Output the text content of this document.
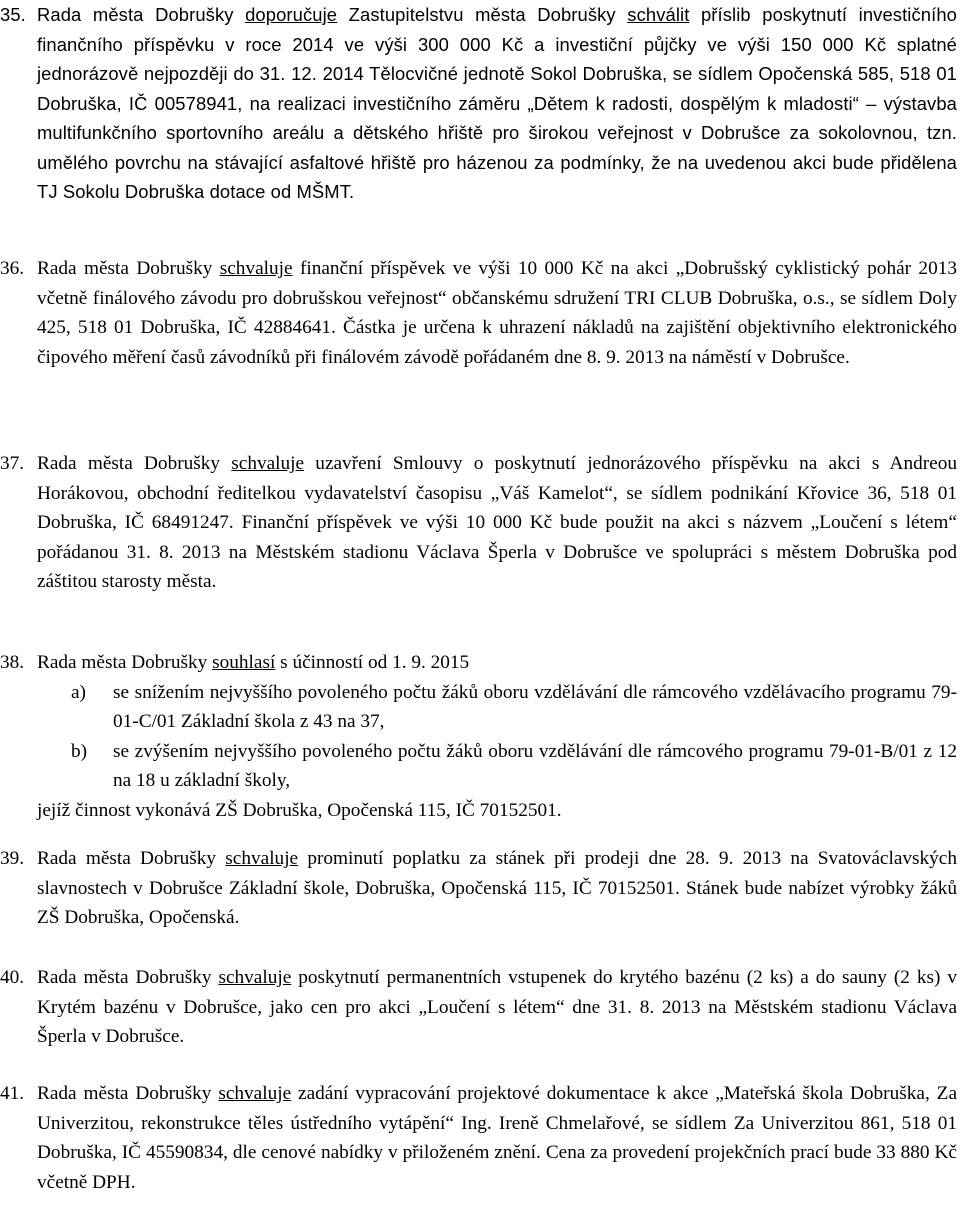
35. Rada města Dobrušky doporučuje Zastupitelstvu města Dobrušky schválit příslib poskytnutí investičního finančního příspěvku v roce 2014 ve výši 300 000 Kč a investiční půjčky ve výši 150 000 Kč splatné jednorázově nejpozději do 31. 12. 2014 Tělocvičné jednotě Sokol Dobruška, se sídlem Opočenská 585, 518 01 Dobruška, IČ 00578941, na realizaci investičního záměru „Dětem k radosti, dospělým k mladosti“ – výstavba multifunkčního sportovního areálu a dětského hřiště pro širokou veřejnost v Dobrušce za sokolovnou, tzn. umělého povrchu na stávající asfaltové hřiště pro házenou za podmínky, že na uvedenou akci bude přidělena TJ Sokolu Dobruška dotace od MŠMT.
36. Rada města Dobrušky schvaluje finanční příspěvek ve výši 10 000 Kč na akci „Dobrušský cyklistický pohár 2013 včetně finálového závodu pro dobrušskou veřejnost“ občanskému sdružení TRI CLUB Dobruška, o.s., se sídlem Doly 425, 518 01 Dobruška, IČ 42884641. Částka je určena k uhrazení nákladů na zajištění objektivního elektronického čipového měření časů závodníků při finálovém závodě pořádaném dne 8. 9. 2013 na náměstí v Dobrušce.
37. Rada města Dobrušky schvaluje uzavření Smlouvy o poskytnutí jednorázového příspěvku na akci s Andreou Horákovou, obchodní ředitelkou vydavatelství časopisu „Váš Kamelot“, se sídlem podnikání Křovice 36, 518 01 Dobruška, IČ 68491247. Finanční příspěvek ve výši 10 000 Kč bude použit na akci s názvem „Loučení s létem“ pořádanou 31. 8. 2013 na Městském stadionu Václava Šperla v Dobrušce ve spolupráci s městem Dobruška pod záštitou starosty města.
38. Rada města Dobrušky souhlasí s účinností od 1. 9. 2015
a) se snížením nejvyššího povoleného počtu žáků oboru vzdělávání dle rámcového vzdělávacího programu 79-01-C/01 Základní škola z 43 na 37,
b) se zvýšením nejvyššího povoleného počtu žáků oboru vzdělávání dle rámcového programu 79-01-B/01 z 12 na 18 u základní školy,
jejíž činnost vykonává ZŠ Dobruška, Opočenská 115, IČ 70152501.
39. Rada města Dobrušky schvaluje prominutí poplatku za stánek při prodeji dne 28. 9. 2013 na Svatováclavských slavnostech v Dobrušce Základní škole, Dobruška, Opočenská 115, IČ 70152501. Stánek bude nabízet výrobky žáků ZŠ Dobruška, Opočenská.
40. Rada města Dobrušky schvaluje poskytnutí permanentních vstupenek do krytého bazénu (2 ks) a do sauny (2 ks) v Krytém bazénu v Dobrušce, jako cen pro akci „Loučení s létem“ dne 31. 8. 2013 na Městském stadionu Václava Šperla v Dobrušce.
41. Rada města Dobrušky schvaluje zadání vypracování projektové dokumentace k akce „Mateřská škola Dobruška, Za Univerzitou, rekonstrukce těles ústředního vytápění“ Ing. Ireně Chmelařové, se sídlem Za Univerzitou 861, 518 01 Dobruška, IČ 45590834, dle cenové nabídky v přiloženém znění. Cena za provedení projekčních prací bude 33 880 Kč včetně DPH.
